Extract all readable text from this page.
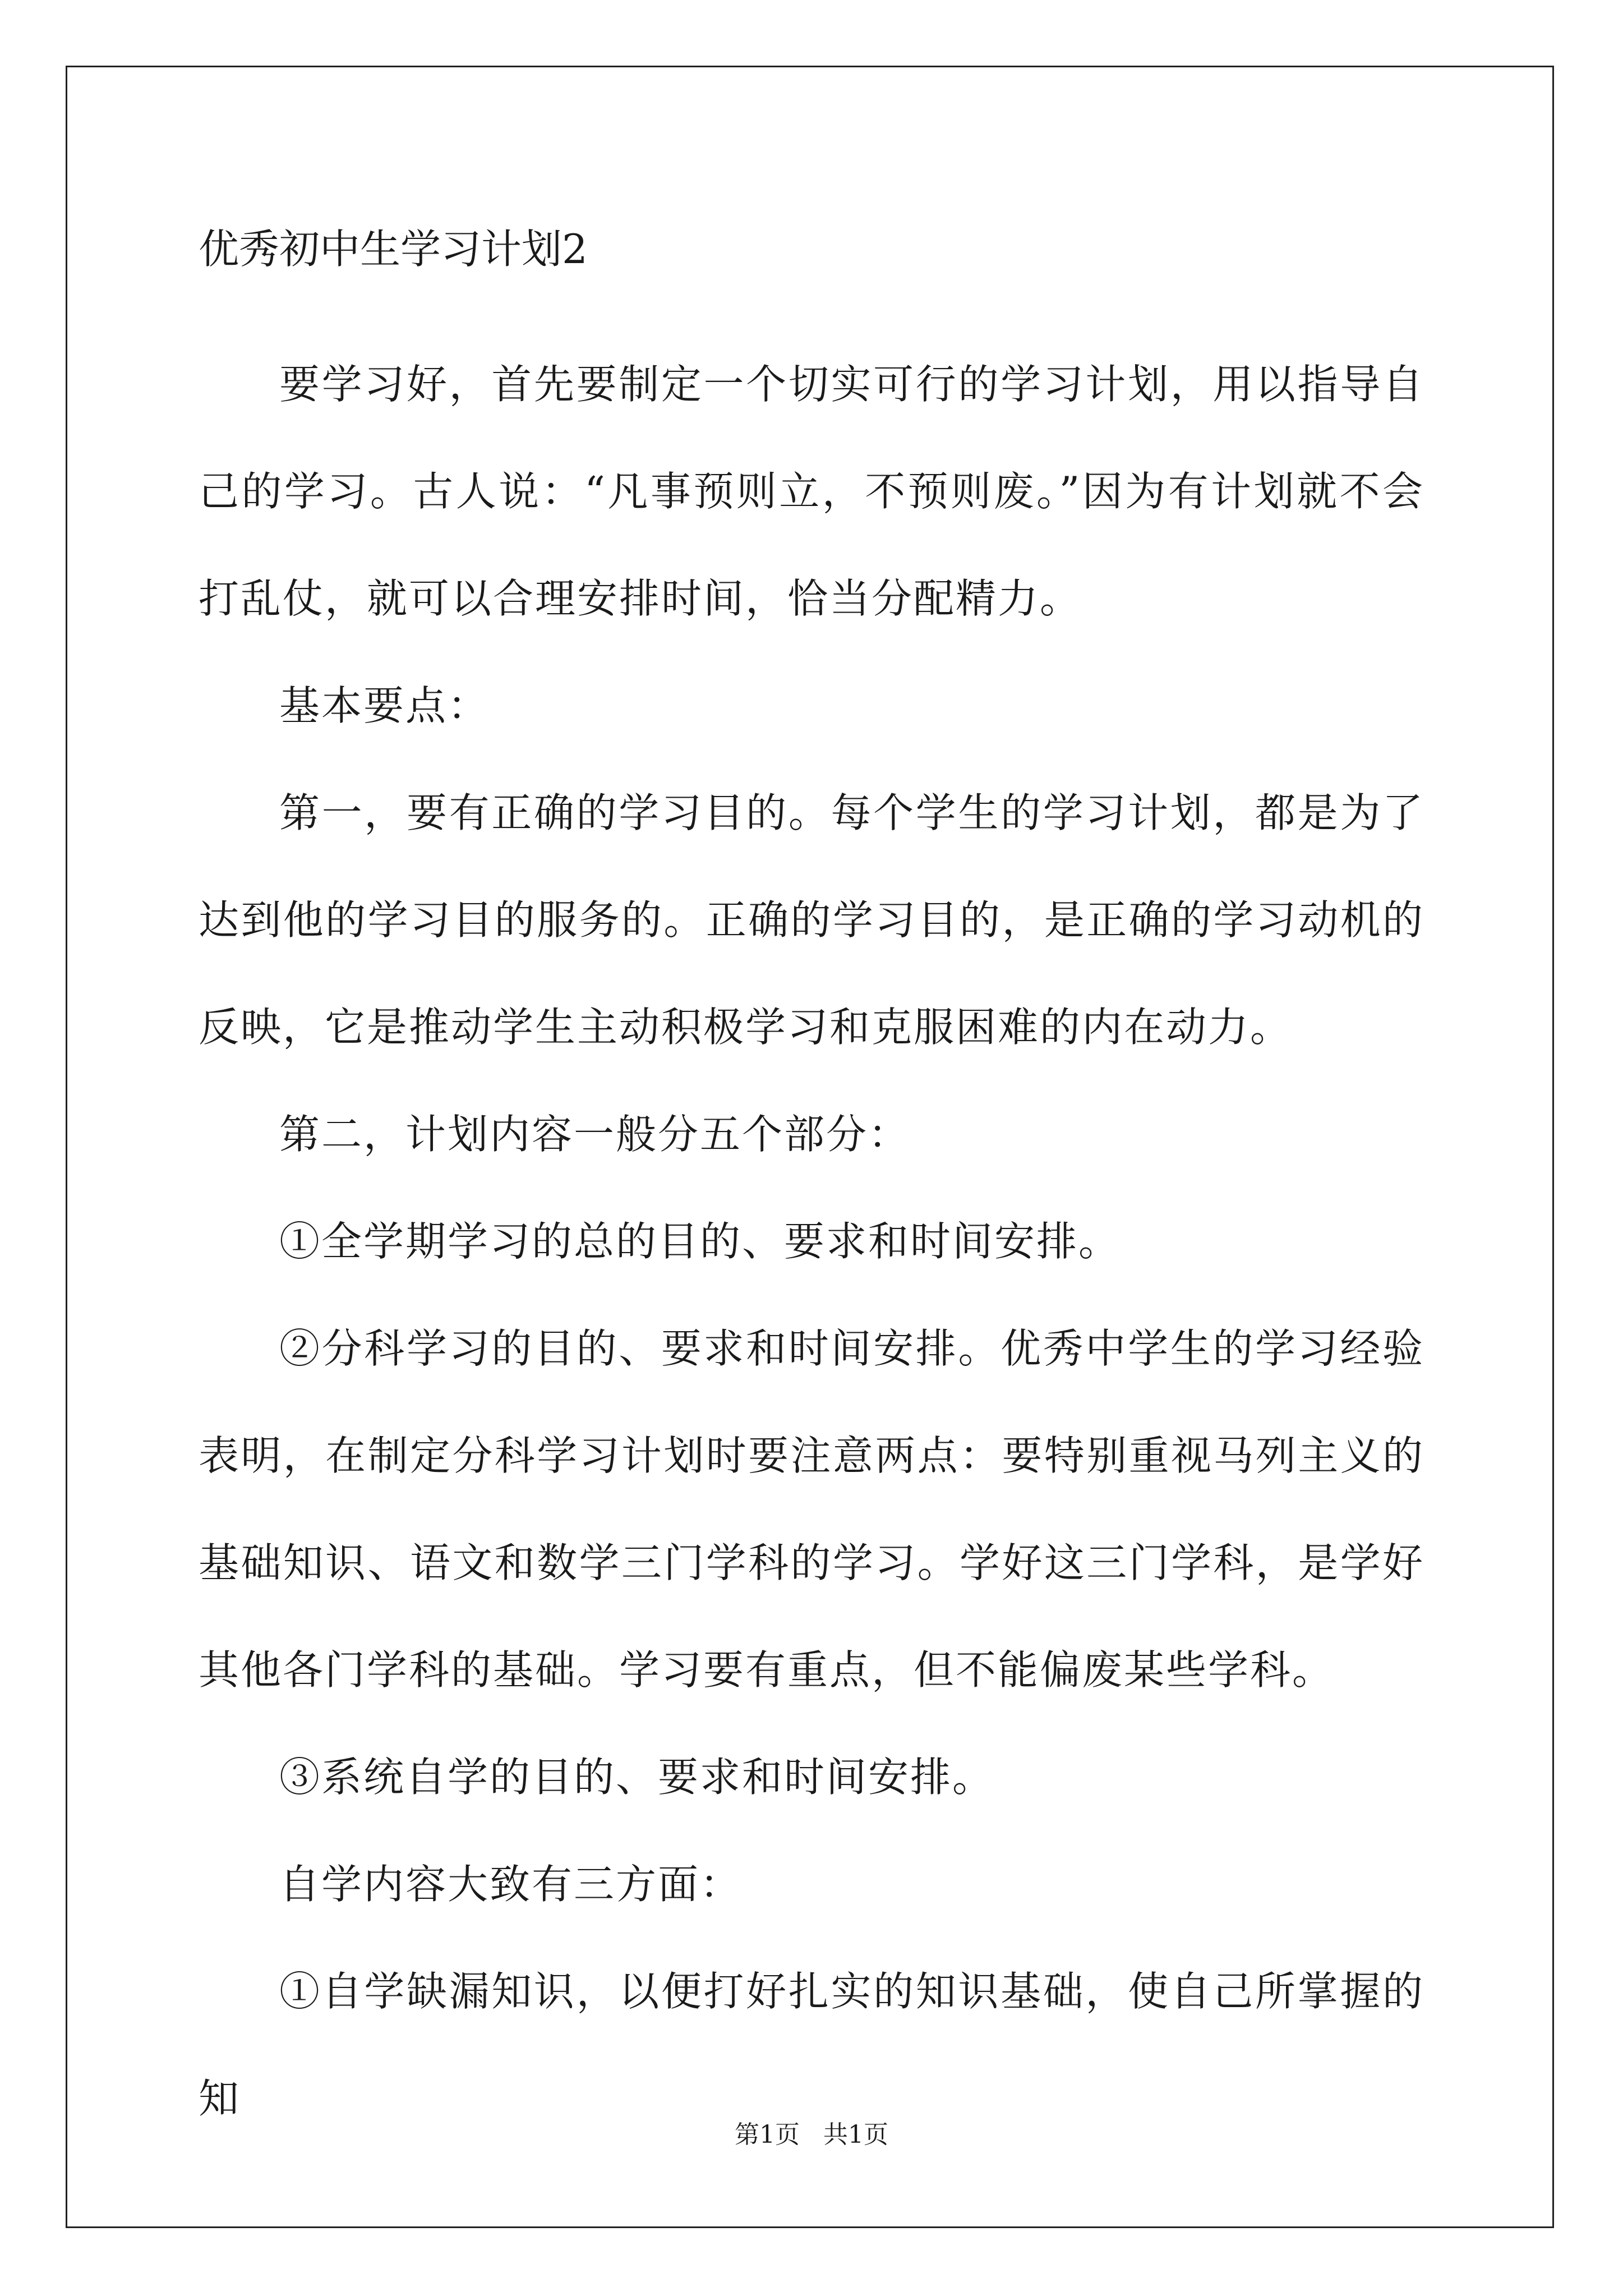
优秀初中生学习计划2

要学习好，首先要制定一个切实可行的学习计划，用以指导自己的学习。古人说：“凡事预则立，不预则废。”因为有计划就不会打乱仗，就可以合理安排时间，恰当分配精力。

基本要点：

第一，要有正确的学习目的。每个学生的学习计划，都是为了达到他的学习目的服务的。正确的学习目的，是正确的学习动机的反映，它是推动学生主动积极学习和克服困难的内在动力。

第二，计划内容一般分五个部分：

①全学期学习的总的目的、要求和时间安排。

②分科学习的目的、要求和时间安排。优秀中学生的学习经验表明，在制定分科学习计划时要注意两点：要特别重视马列主义的基础知识、语文和数学三门学科的学习。学好这三门学科，是学好其他各门学科的基础。学习要有重点，但不能偏废某些学科。

③系统自学的目的、要求和时间安排。

自学内容大致有三方面：

①自学缺漏知识，以便打好扎实的知识基础，使自己所掌握的知

第1页   共1页
